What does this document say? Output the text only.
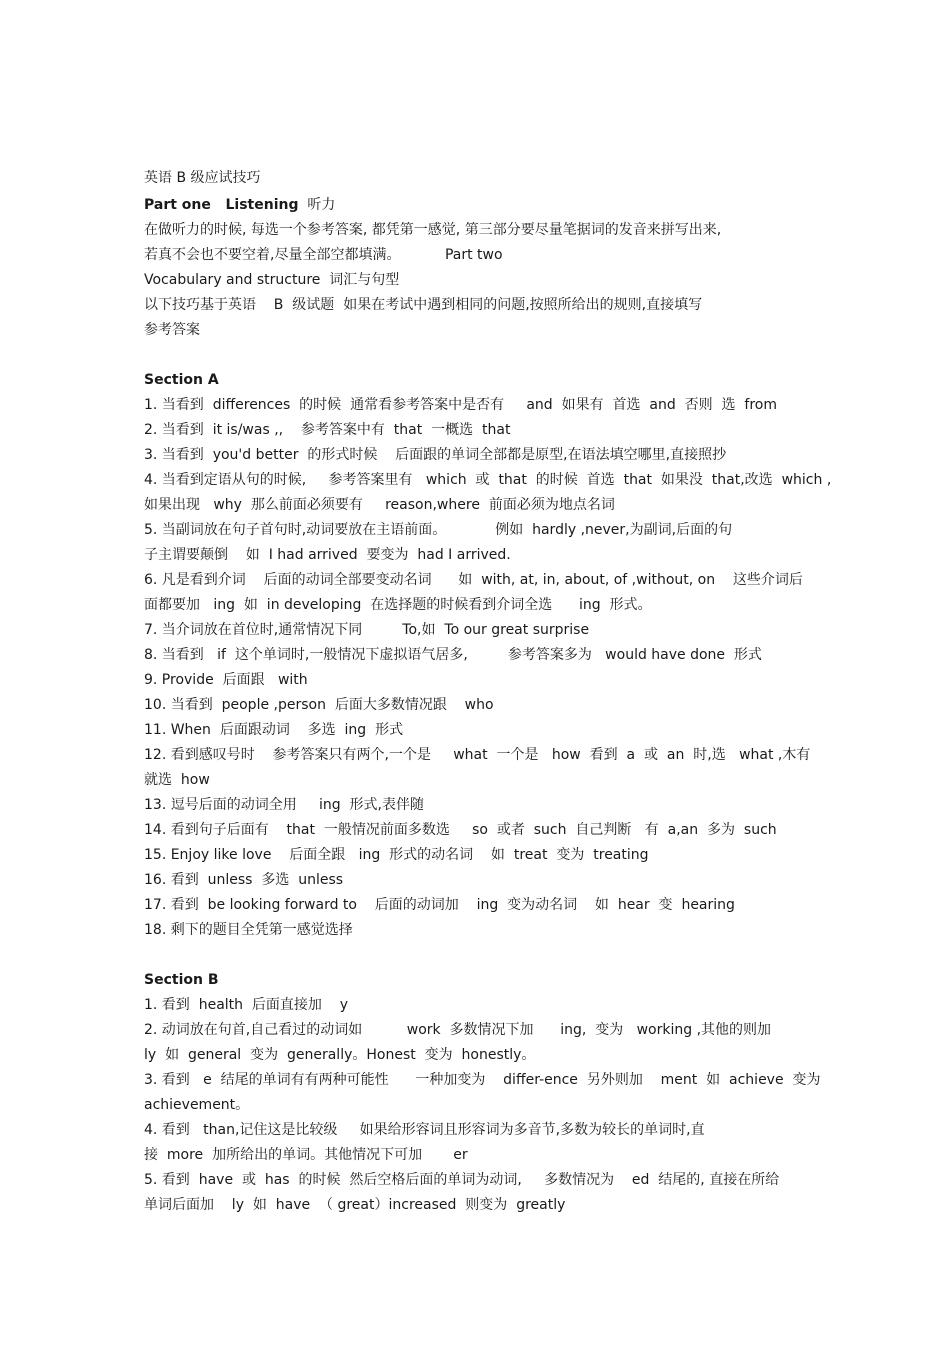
英语 B 级应试技巧

Part one   Listening  听力

在做听力的时候, 每选一个参考答案, 都凭第一感觉, 第三部分要尽量笔据词的发音来拼写出来,

若真不会也不要空着,尽量全部空都填满。          Part two

Vocabulary and structure  词汇与句型

以下技巧基于英语    B  级试题  如果在考试中遇到相同的问题,按照所给出的规则,直接填写

参考答案

Section A

1. 当看到  differences  的时候  通常看参考答案中是否有     and  如果有  首选  and  否则  选  from

2. 当看到  it is/was ,,    参考答案中有  that  一概选  that

3. 当看到  you'd better  的形式时候    后面跟的单词全部都是原型,在语法填空哪里,直接照抄

4. 当看到定语从句的时候,     参考答案里有   which  或  that  的时候  首选  that  如果没  that,改选  which ,

如果出现   why  那么前面必须要有     reason,where  前面必须为地点名词

5. 当副词放在句子首句时,动词要放在主语前面。           例如  hardly ,never,为副词,后面的句

子主谓要颠倒    如  I had arrived  要变为  had I arrived.

6. 凡是看到介词    后面的动词全部要变动名词      如  with, at, in, about, of ,without, on    这些介词后

面都要加   ing  如  in developing  在选择题的时候看到介词全选      ing  形式。

7. 当介词放在首位时,通常情况下同         To,如  To our great surprise

8. 当看到   if  这个单词时,一般情况下虚拟语气居多,         参考答案多为   would have done  形式

9. Provide  后面跟   with

10. 当看到  people ,person  后面大多数情况跟    who

11. When  后面跟动词    多选  ing  形式

12. 看到感叹号时    参考答案只有两个,一个是     what  一个是   how  看到  a  或  an  时,选   what ,木有

就选  how

13. 逗号后面的动词全用     ing  形式,表伴随

14. 看到句子后面有    that  一般情况前面多数选     so  或者  such  自己判断   有  a,an  多为  such

15. Enjoy like love    后面全跟   ing  形式的动名词    如  treat  变为  treating

16. 看到  unless  多选  unless

17. 看到  be looking forward to    后面的动词加    ing  变为动名词    如  hear  变  hearing

18. 剩下的题目全凭第一感觉选择

Section B

1. 看到  health  后面直接加    y

2. 动词放在句首,自己看过的动词如          work  多数情况下加      ing,  变为   working ,其他的则加

ly  如  general  变为  generally。Honest  变为  honestly。

3. 看到   e  结尾的单词有有两种可能性      一种加变为    differ-ence  另外则加    ment  如  achieve  变为

achievement。

4. 看到   than,记住这是比较级     如果给形容词且形容词为多音节,多数为较长的单词时,直

接  more  加所给出的单词。其他情况下可加       er

5. 看到  have  或  has  的时候  然后空格后面的单词为动词,     多数情况为    ed  结尾的, 直接在所给

单词后面加    ly  如  have  （ great）increased  则变为  greatly
